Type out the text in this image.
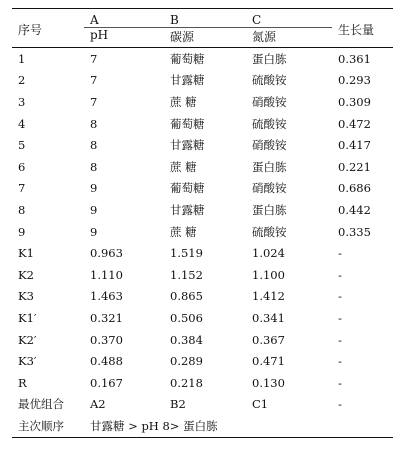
序号	A	B	C	生长量
	pH	碳源	氮源	
1	7	葡萄糖	蛋白胨	0.361
2	7	甘露糖	硫酸铵	0.293
3	7	蔗 糖	硝酸铵	0.309
4	8	葡萄糖	硫酸铵	0.472
5	8	甘露糖	硝酸铵	0.417
6	8	蔗 糖	蛋白胨	0.221
7	9	葡萄糖	硝酸铵	0.686
8	9	甘露糖	蛋白胨	0.442
9	9	蔗 糖	硫酸铵	0.335
K1	0.963	1.519	1.024	-
K2	1.110	1.152	1.100	-
K3	1.463	0.865	1.412	-
K1′	0.321	0.506	0.341	-
K2′	0.370	0.384	0.367	-
K3′	0.488	0.289	0.471	-
R	0.167	0.218	0.130	-
最优组合	A2	B2	C1	-
主次顺序	甘露糖 > pH 8> 蛋白胨			
